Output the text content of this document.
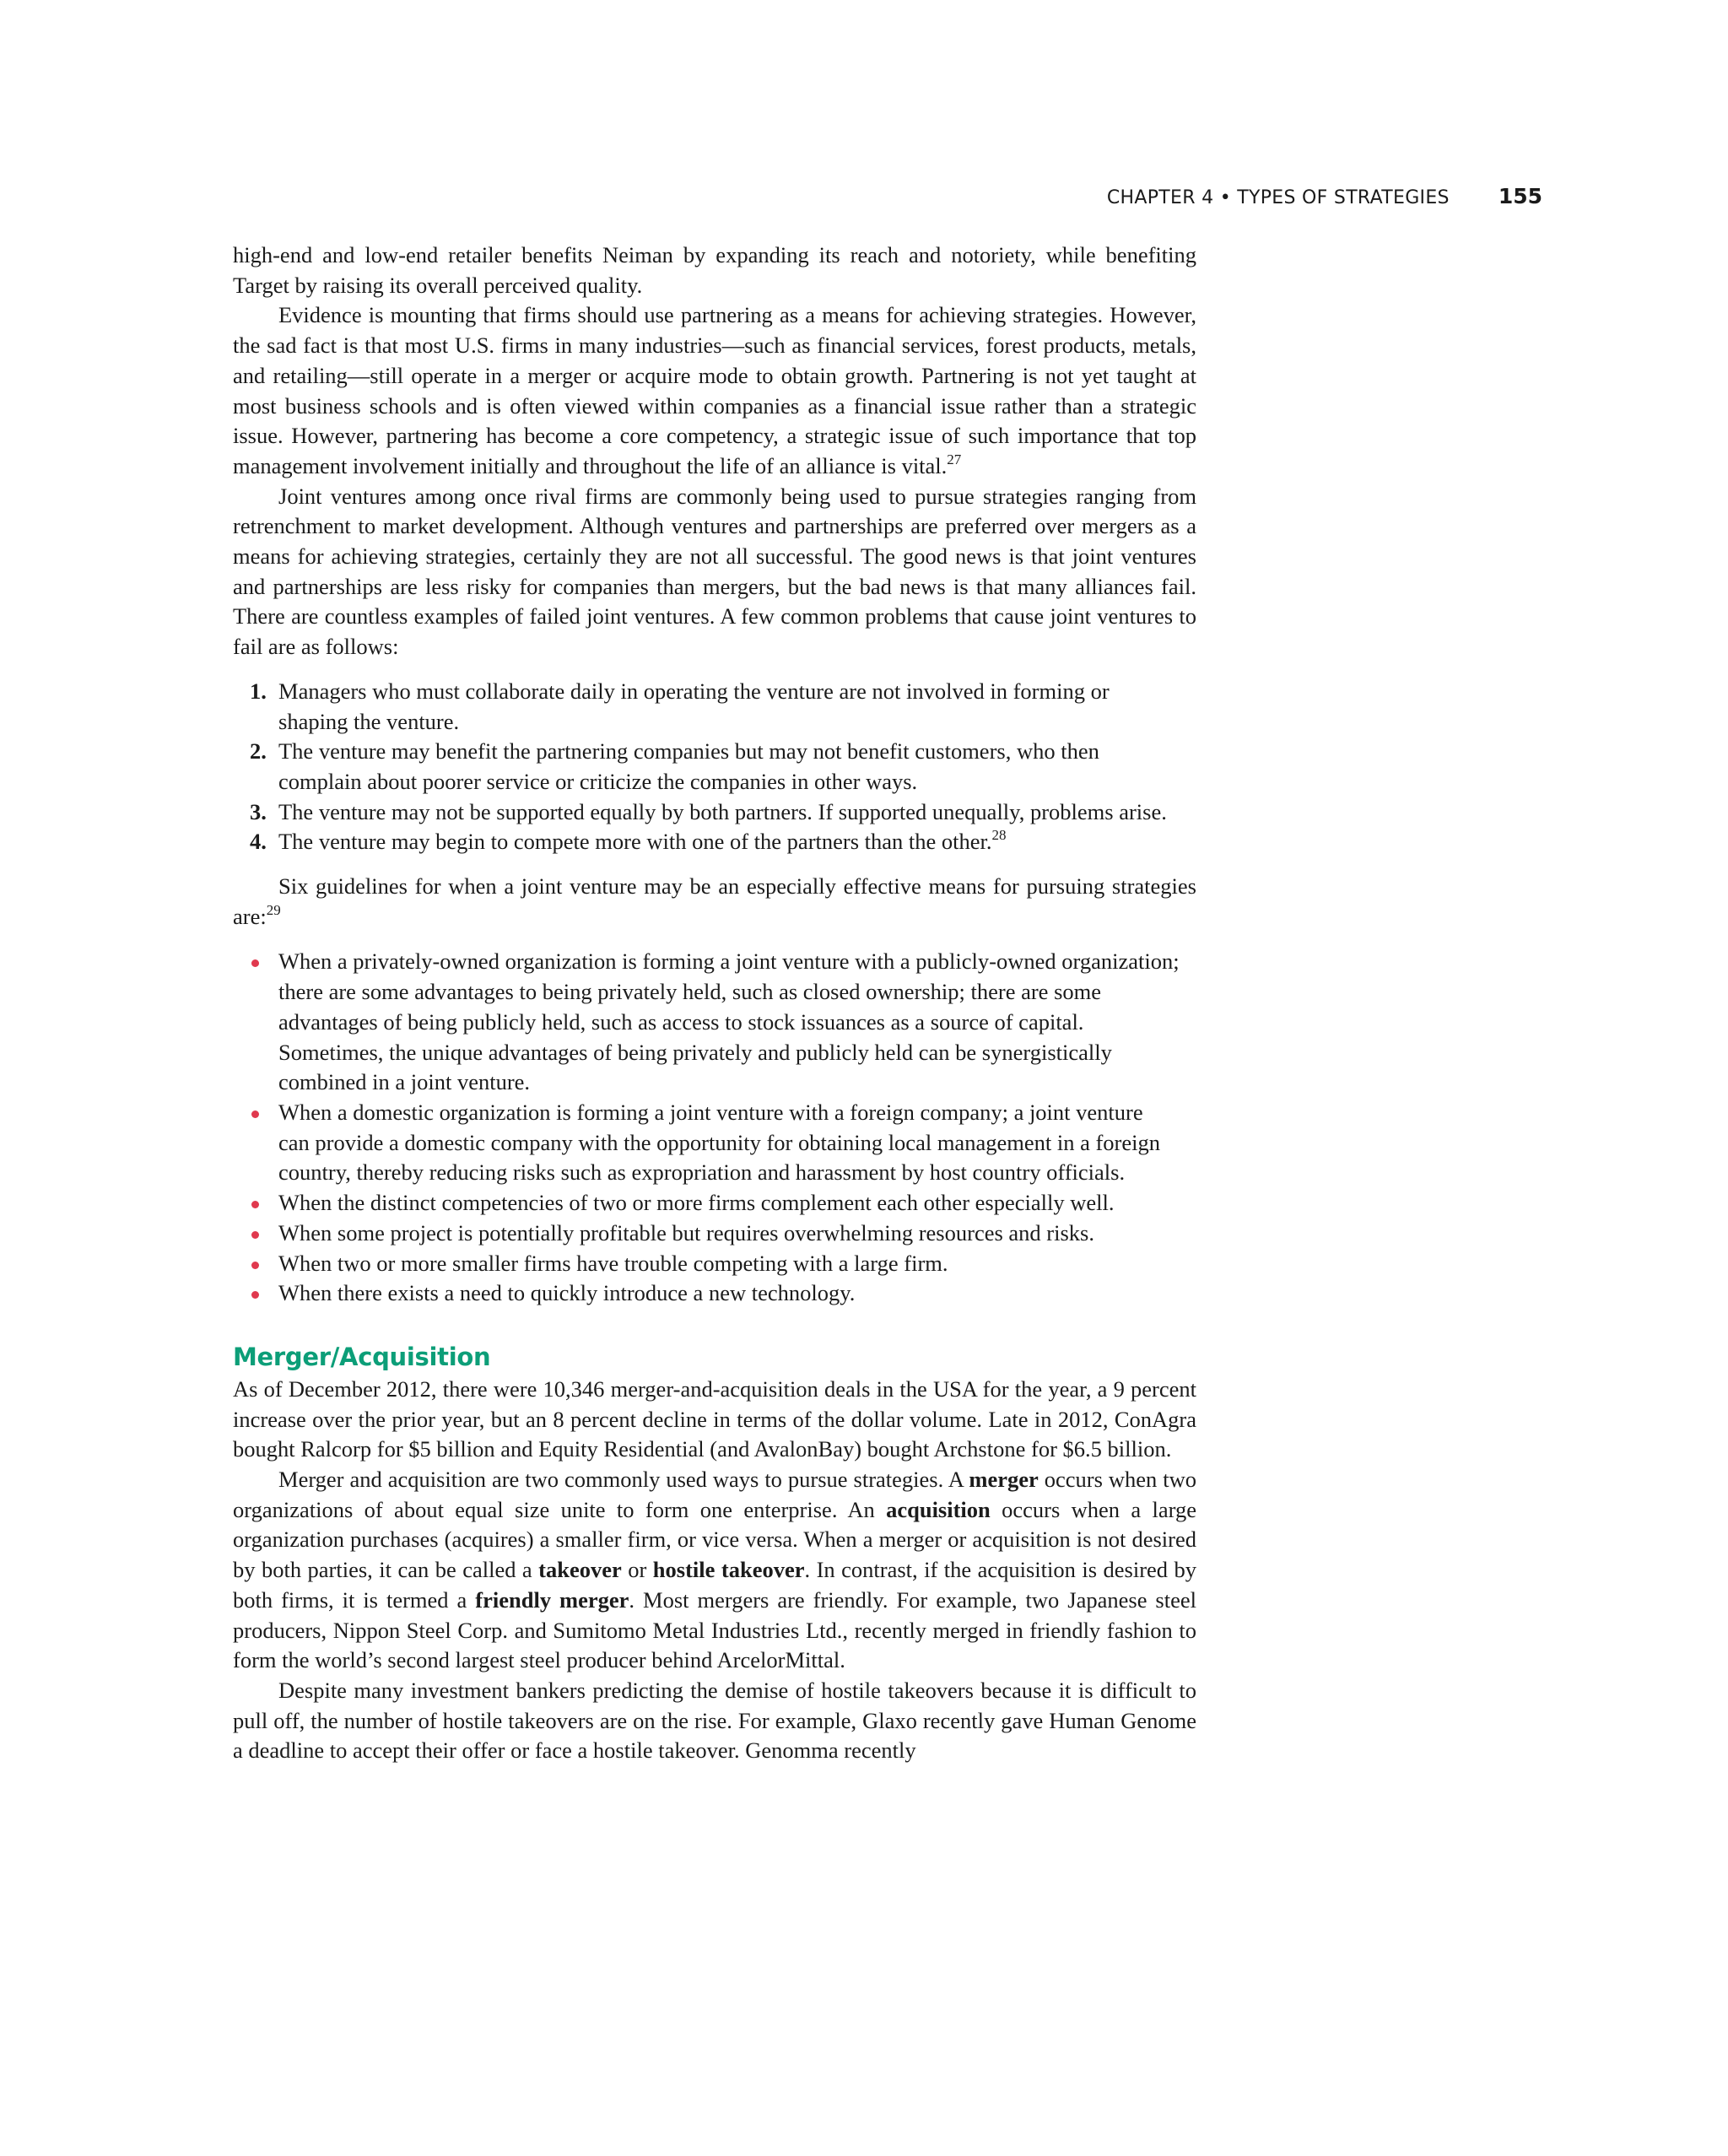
CHAPTER 4 • TYPES OF STRATEGIES 155

high-end and low-end retailer benefits Neiman by expanding its reach and notoriety, while benefiting Target by raising its overall perceived quality.

Evidence is mounting that firms should use partnering as a means for achieving strategies. However, the sad fact is that most U.S. firms in many industries—such as financial services, forest products, metals, and retailing—still operate in a merger or acquire mode to obtain growth. Partnering is not yet taught at most business schools and is often viewed within companies as a financial issue rather than a strategic issue. However, partnering has become a core competency, a strategic issue of such importance that top management involvement initially and throughout the life of an alliance is vital.$^{27}$

Joint ventures among once rival firms are commonly being used to pursue strategies ranging from retrenchment to market development. Although ventures and partnerships are preferred over mergers as a means for achieving strategies, certainly they are not all successful. The good news is that joint ventures and partnerships are less risky for companies than mergers, but the bad news is that many alliances fail. There are countless examples of failed joint ventures. A few common problems that cause joint ventures to fail are as follows:

1. Managers who must collaborate daily in operating the venture are not involved in forming or shaping the venture.
2. The venture may benefit the partnering companies but may not benefit customers, who then complain about poorer service or criticize the companies in other ways.
3. The venture may not be supported equally by both partners. If supported unequally, problems arise.
4. The venture may begin to compete more with one of the partners than the other.$^{28}$

Six guidelines for when a joint venture may be an especially effective means for pursuing strategies are:$^{29}$

When a privately-owned organization is forming a joint venture with a publicly-owned organization; there are some advantages to being privately held, such as closed ownership; there are some advantages of being publicly held, such as access to stock issuances as a source of capital. Sometimes, the unique advantages of being privately and publicly held can be synergistically combined in a joint venture.
When a domestic organization is forming a joint venture with a foreign company; a joint venture can provide a domestic company with the opportunity for obtaining local management in a foreign country, thereby reducing risks such as expropriation and harassment by host country officials.
When the distinct competencies of two or more firms complement each other especially well.
When some project is potentially profitable but requires overwhelming resources and risks.
When two or more smaller firms have trouble competing with a large firm.
When there exists a need to quickly introduce a new technology.
Merger/Acquisition

As of December 2012, there were 10,346 merger-and-acquisition deals in the USA for the year, a 9 percent increase over the prior year, but an 8 percent decline in terms of the dollar volume. Late in 2012, ConAgra bought Ralcorp for $5 billion and Equity Residential (and AvalonBay) bought Archstone for $6.5 billion.

Merger and acquisition are two commonly used ways to pursue strategies. A merger occurs when two organizations of about equal size unite to form one enterprise. An acquisition occurs when a large organization purchases (acquires) a smaller firm, or vice versa. When a merger or acquisition is not desired by both parties, it can be called a takeover or hostile takeover. In contrast, if the acquisition is desired by both firms, it is termed a friendly merger. Most mergers are friendly. For example, two Japanese steel producers, Nippon Steel Corp. and Sumitomo Metal Industries Ltd., recently merged in friendly fashion to form the world’s second largest steel producer behind ArcelorMittal.

Despite many investment bankers predicting the demise of hostile takeovers because it is difficult to pull off, the number of hostile takeovers are on the rise. For example, Glaxo recently gave Human Genome a deadline to accept their offer or face a hostile takeover. Genomma recently
